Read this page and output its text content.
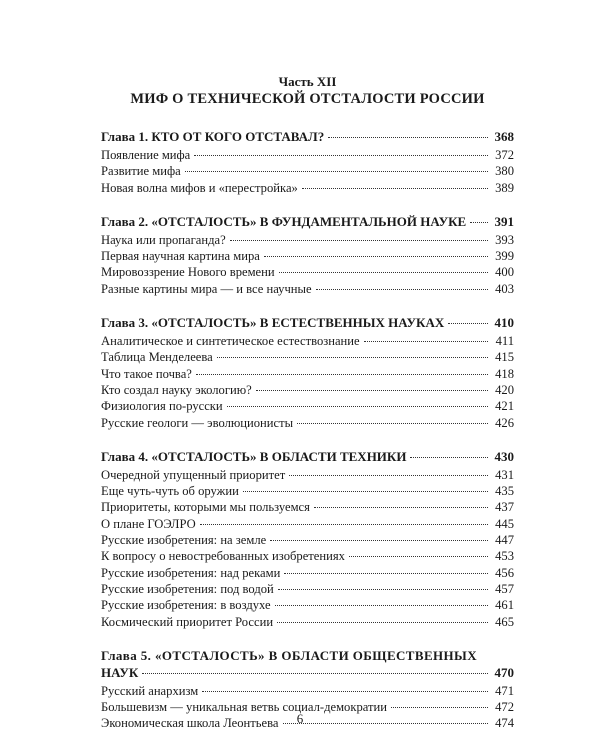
Часть XII
МИФ О ТЕХНИЧЕСКОЙ ОТСТАЛОСТИ РОССИИ
Глава 1. КТО ОТ КОГО ОТСТАВАЛ?	368
Появление мифа	372
Развитие мифа	380
Новая волна мифов и «перестройка»	389
Глава 2. «ОТСТАЛОСТЬ» В ФУНДАМЕНТАЛЬНОЙ НАУКЕ 391
Наука или пропаганда?	393
Первая научная картина мира	399
Мировоззрение Нового времени	400
Разные картины мира — и все научные	403
Глава 3. «ОТСТАЛОСТЬ» В ЕСТЕСТВЕННЫХ НАУКАХ	410
Аналитическое и синтетическое естествознание	411
Таблица Менделеева	415
Что такое почва?	418
Кто создал науку экологию?	420
Физиология по-русски	421
Русские геологи — эволюционисты	426
Глава 4. «ОТСТАЛОСТЬ» В ОБЛАСТИ ТЕХНИКИ	430
Очередной упущенный приоритет	431
Еще чуть-чуть об оружии	435
Приоритеты, которыми мы пользуемся	437
О плане ГОЭЛРО	445
Русские изобретения: на земле	447
К вопросу о невостребованных изобретениях	453
Русские изобретения: над реками	456
Русские изобретения: под водой	457
Русские изобретения: в воздухе	461
Космический приоритет России	465
Глава 5. «ОТСТАЛОСТЬ» В ОБЛАСТИ ОБЩЕСТВЕННЫХ
НАУК	470
Русский анархизм	471
Большевизм — уникальная ветвь социал-демократии	472
Экономическая школа Леонтьева	474
6
